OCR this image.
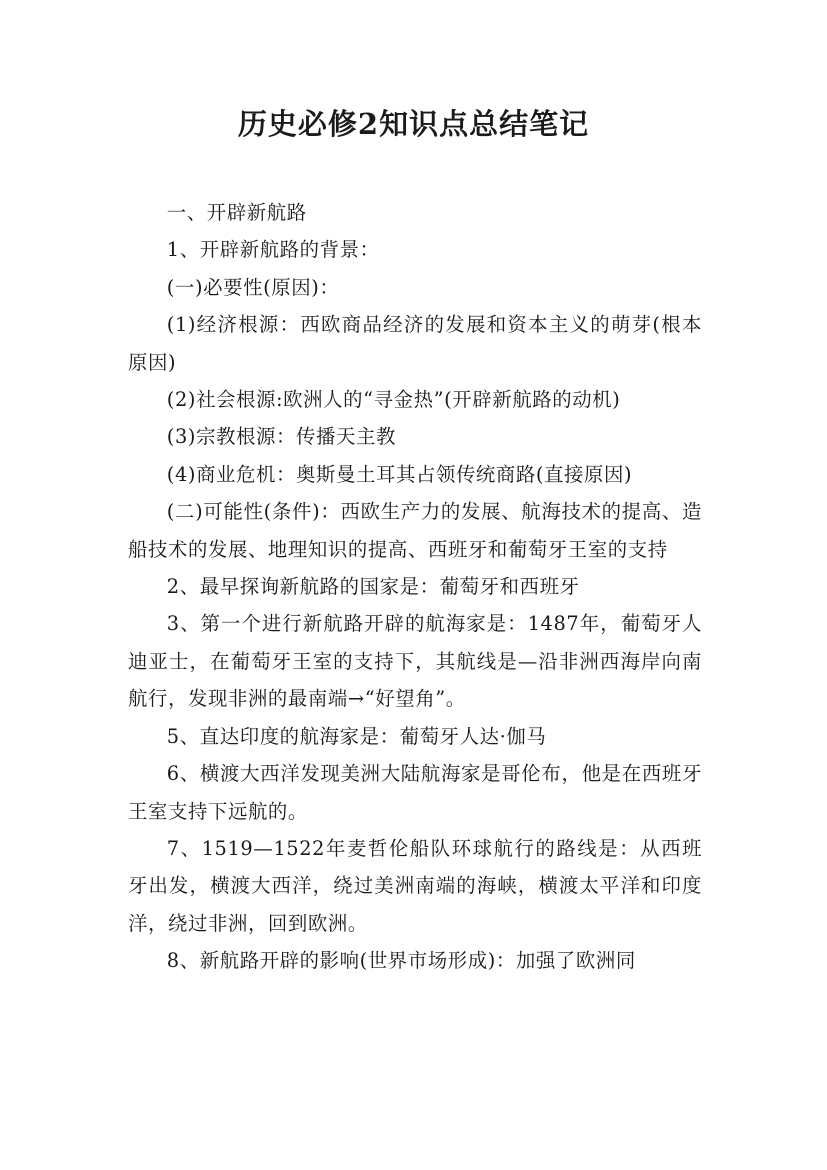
历史必修2知识点总结笔记

一、开辟新航路

1、开辟新航路的背景：

(一)必要性(原因)：

(1)经济根源：西欧商品经济的发展和资本主义的萌芽(根本原因)

(2)社会根源:欧洲人的“寻金热”(开辟新航路的动机)

(3)宗教根源：传播天主教

(4)商业危机：奥斯曼土耳其占领传统商路(直接原因)

(二)可能性(条件)：西欧生产力的发展、航海技术的提高、造船技术的发展、地理知识的提高、西班牙和葡萄牙王室的支持

2、最早探询新航路的国家是：葡萄牙和西班牙

3、第一个进行新航路开辟的航海家是：1487年，葡萄牙人迪亚士，在葡萄牙王室的支持下，其航线是—沿非洲西海岸向南航行，发现非洲的最南端→“好望角”。

5、直达印度的航海家是：葡萄牙人达·伽马

6、横渡大西洋发现美洲大陆航海家是哥伦布，他是在西班牙王室支持下远航的。

7、1519—1522年麦哲伦船队环球航行的路线是：从西班牙出发，横渡大西洋，绕过美洲南端的海峡，横渡太平洋和印度洋，绕过非洲，回到欧洲。

8、新航路开辟的影响(世界市场形成)：加强了欧洲同
